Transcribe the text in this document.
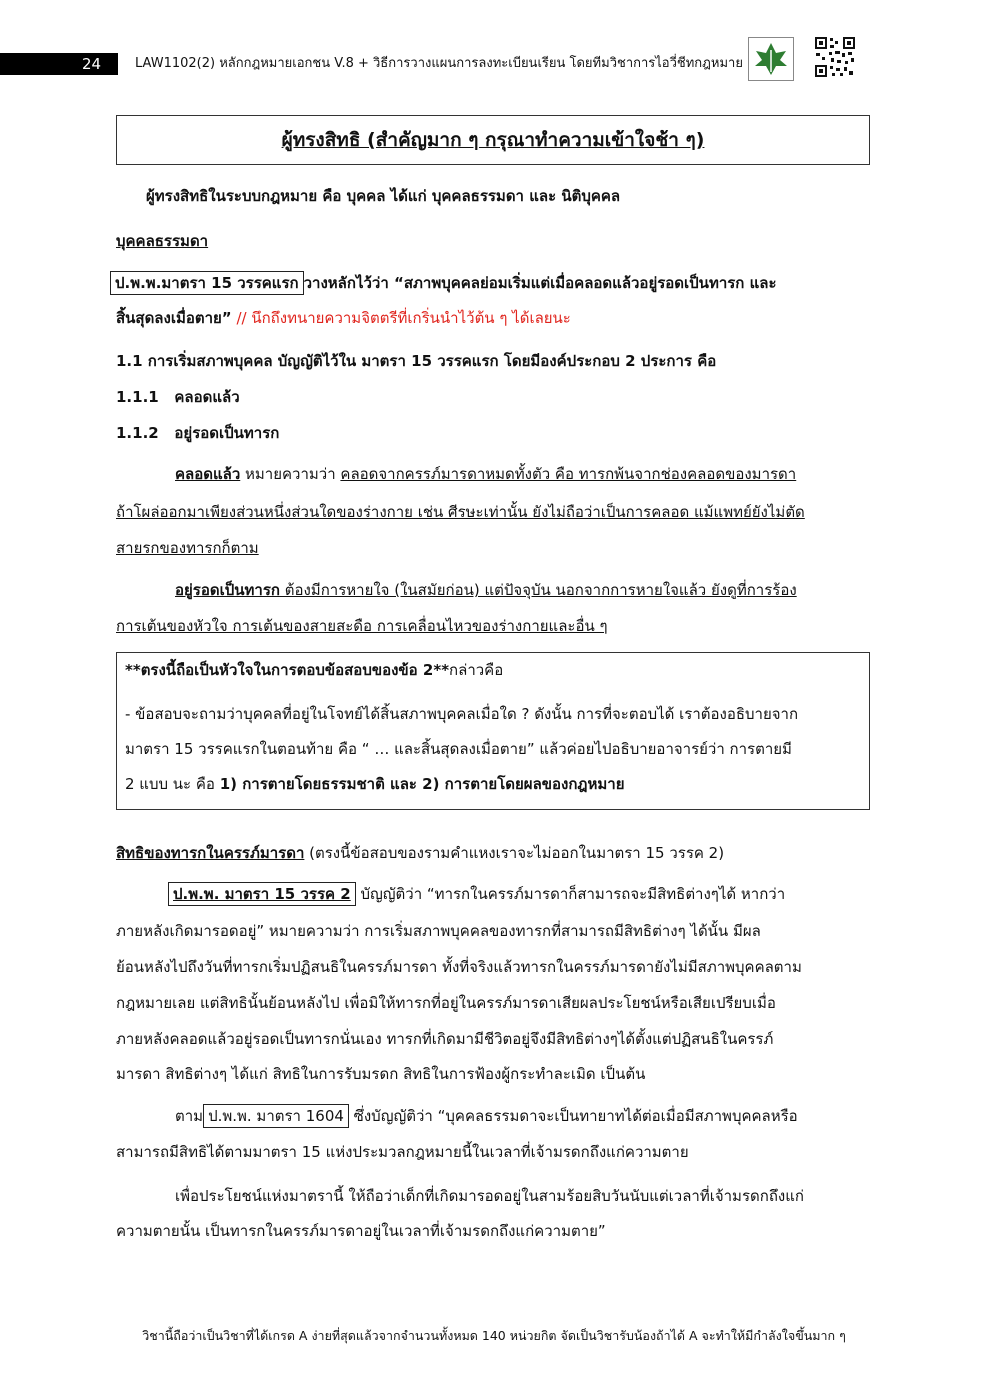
24	LAW1102(2) หลักกฎหมายเอกชน V.8 + วิธีการวางแผนการลงทะเบียนเรียน โดยทีมวิชาการไอวี่ชีทกฎหมาย
ผู้ทรงสิทธิ (สำคัญมาก ๆ กรุณาทำความเข้าใจช้า ๆ)
ผู้ทรงสิทธิในระบบกฎหมาย คือ บุคคล ได้แก่ บุคคลธรรมดา และ นิติบุคคล
บุคคลธรรมดา
ป.พ.พ.มาตรา 15 วรรคแรก วางหลักไว้ว่า “สภาพบุคคลย่อมเริ่มแต่เมื่อคลอดแล้วอยู่รอดเป็นทารก และ
สิ้นสุดลงเมื่อตาย” // นึกถึงทนายความจิตตรีที่เกริ่นนำไว้ต้น ๆ ได้เลยนะ
1.1 การเริ่มสภาพบุคคล บัญญัติไว้ใน มาตรา 15 วรรคแรก โดยมีองค์ประกอบ 2 ประการ คือ
1.1.1 คลอดแล้ว
1.1.2 อยู่รอดเป็นทารก
คลอดแล้ว หมายความว่า คลอดจากครรภ์มารดาหมดทั้งตัว คือ ทารกพ้นจากช่องคลอดของมารดา
ถ้าโผล่ออกมาเพียงส่วนหนึ่งส่วนใดของร่างกาย เช่น ศีรษะเท่านั้น ยังไม่ถือว่าเป็นการคลอด แม้แพทย์ยังไม่ตัด
สายรกของทารกก็ตาม
อยู่รอดเป็นทารก ต้องมีการหายใจ (ในสมัยก่อน) แต่ปัจจุบัน นอกจากการหายใจแล้ว ยังดูที่การร้อง
การเต้นของหัวใจ การเต้นของสายสะดือ การเคลื่อนไหวของร่างกายและอื่น ๆ
**ตรงนี้ถือเป็นหัวใจในการตอบข้อสอบของข้อ 2**กล่าวคือ
- ข้อสอบจะถามว่าบุคคลที่อยู่ในโจทย์ได้สิ้นสภาพบุคคลเมื่อใด ? ดังนั้น การที่จะตอบได้ เราต้องอธิบายจาก
มาตรา 15 วรรคแรกในตอนท้าย คือ “ … และสิ้นสุดลงเมื่อตาย” แล้วค่อยไปอธิบายอาจารย์ว่า การตายมี
2 แบบ นะ คือ 1) การตายโดยธรรมชาติ และ 2) การตายโดยผลของกฎหมาย
สิทธิของทารกในครรภ์มารดา (ตรงนี้ข้อสอบของรามคำแหงเราจะไม่ออกในมาตรา 15 วรรค 2)
ป.พ.พ. มาตรา 15 วรรค 2 บัญญัติว่า “ทารกในครรภ์มารดาก็สามารถจะมีสิทธิต่างๆได้ หากว่า
ภายหลังเกิดมารอดอยู่” หมายความว่า การเริ่มสภาพบุคคลของทารกที่สามารถมีสิทธิต่างๆ ได้นั้น มีผล
ย้อนหลังไปถึงวันที่ทารกเริ่มปฏิสนธิในครรภ์มารดา ทั้งที่จริงแล้วทารกในครรภ์มารดายังไม่มีสภาพบุคคลตาม
กฎหมายเลย แต่สิทธินั้นย้อนหลังไป เพื่อมิให้ทารกที่อยู่ในครรภ์มารดาเสียผลประโยชน์หรือเสียเปรียบเมื่อ
ภายหลังคลอดแล้วอยู่รอดเป็นทารกนั่นเอง ทารกที่เกิดมามีชีวิตอยู่จึงมีสิทธิต่างๆได้ตั้งแต่ปฏิสนธิในครรภ์
มารดา สิทธิต่างๆ ได้แก่ สิทธิในการรับมรดก สิทธิในการฟ้องผู้กระทำละเมิด เป็นต้น
ตาม ป.พ.พ. มาตรา 1604 ซึ่งบัญญัติว่า “บุคคลธรรมดาจะเป็นทายาทได้ต่อเมื่อมีสภาพบุคคลหรือ
สามารถมีสิทธิได้ตามมาตรา 15 แห่งประมวลกฎหมายนี้ในเวลาที่เจ้ามรดกถึงแก่ความตาย
เพื่อประโยชน์แห่งมาตรานี้ ให้ถือว่าเด็กที่เกิดมารอดอยู่ในสามร้อยสิบวันนับแต่เวลาที่เจ้ามรดกถึงแก่
ความตายนั้น เป็นทารกในครรภ์มารดาอยู่ในเวลาที่เจ้ามรดกถึงแก่ความตาย”
วิชานี้ถือว่าเป็นวิชาที่ได้เกรด A ง่ายที่สุดแล้วจากจำนวนทั้งหมด 140 หน่วยกิต จัดเป็นวิชารับน้องถ้าได้ A จะทำให้มีกำลังใจขึ้นมาก ๆ
